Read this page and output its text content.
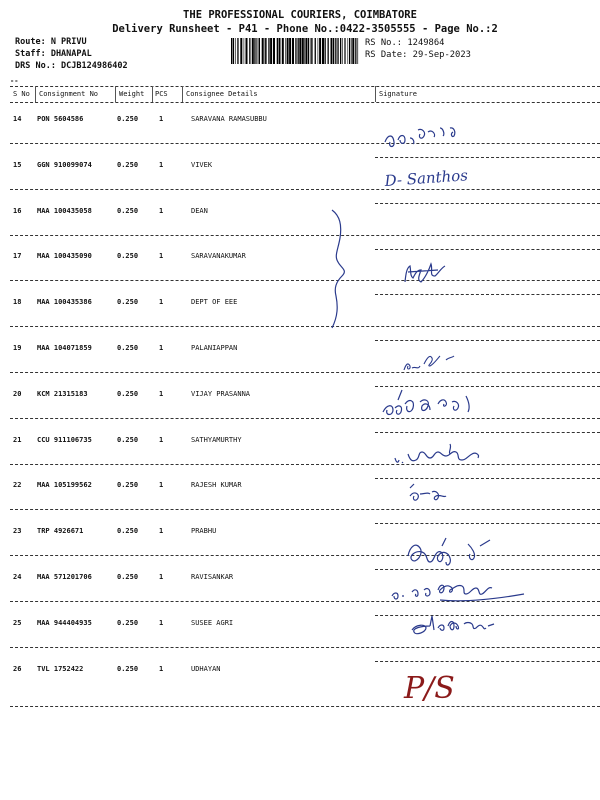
THE PROFESSIONAL COURIERS, COIMBATORE
Delivery Runsheet - P41 - Phone No.:0422-3505555 - Page No.:2
Route: N PRIVU
Staff: DHANAPAL
DRS No.: DCJB124986402
RS No.: 1249864
RS Date: 29-Sep-2023
--
S No Consignment No	Weight PCS	Consignee Details	Signature
14 PON 5604586	0.250	1	SARAVANA RAMASUBBU
15 GGN 910099074	0.250	1	VIVEK
16 MAA 100435058	0.250	1	DEAN
17 MAA 100435090	0.250	1	SARAVANAKUMAR
18 MAA 100435386	0.250	1	DEPT OF EEE
19 MAA 104071859	0.250	1	PALANIAPPAN
20 KCM 21315183	0.250	1	VIJAY PRASANNA
21 CCU 911106735	0.250	1	SATHYAMURTHY
22 MAA 105199562	0.250	1	RAJESH KUMAR
23 TRP 4926671	0.250	1	PRABHU
24 MAA 571201706	0.250	1	RAVISANKAR
25 MAA 944404935	0.250	1	SUSEE AGRI
26 TVL 1752422	0.250	1	UDHAYAN
D- Santhos
P/S
